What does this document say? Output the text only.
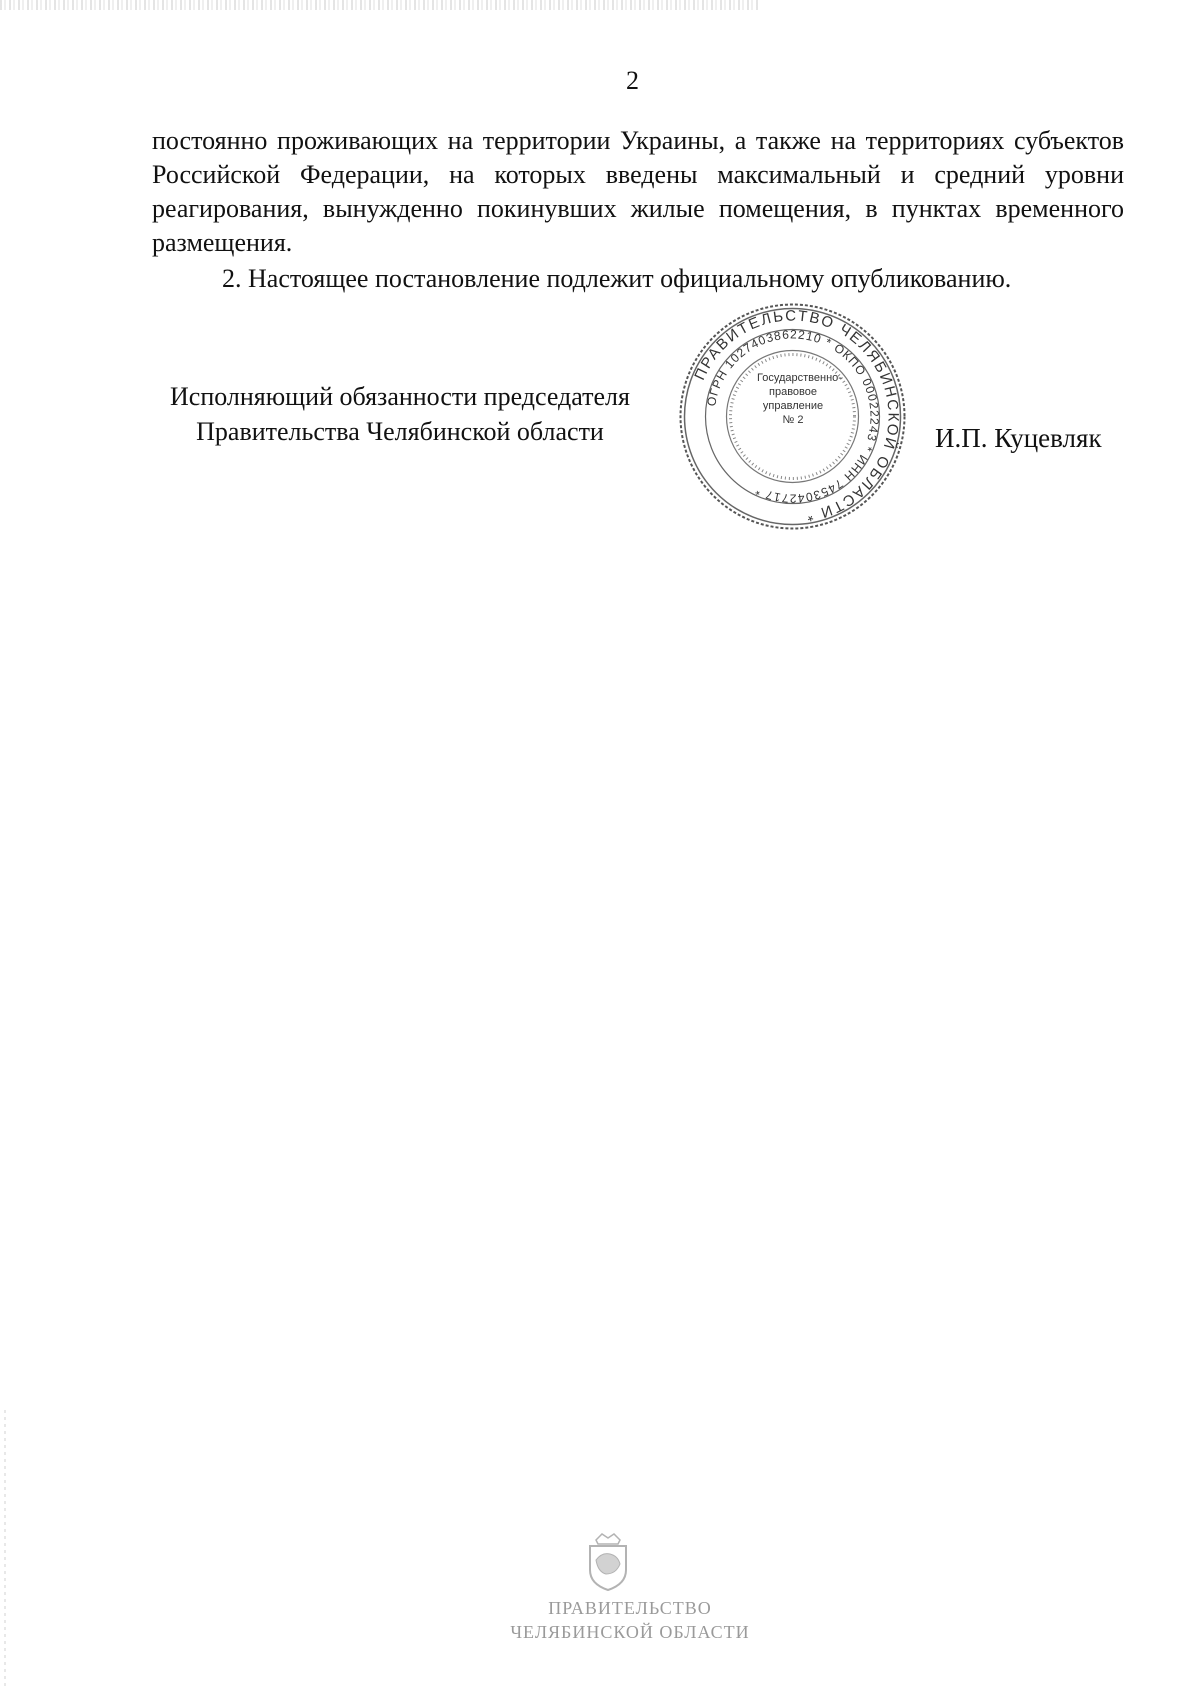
2

постоянно проживающих на территории Украины, а также на территориях субъектов Российской Федерации, на которых введены максимальный и средний уровни реагирования, вынужденно покинувших жилые помещения, в пунктах временного размещения.

2. Настоящее постановление подлежит официальному опубликованию.

Исполняющий обязанности председателя
Правительства Челябинской области
ПРАВИТЕЛЬСТВО ЧЕЛЯБИНСКОЙ ОБЛАСТИ *
ОГРН 1027403862210 * ОКПО 00022243 * ИНН 7453042717 *
Государственно-
правовое
управление
№ 2
И.П. Куцевляк
ПРАВИТЕЛЬСТВО
ЧЕЛЯБИНСКОЙ ОБЛАСТИ
